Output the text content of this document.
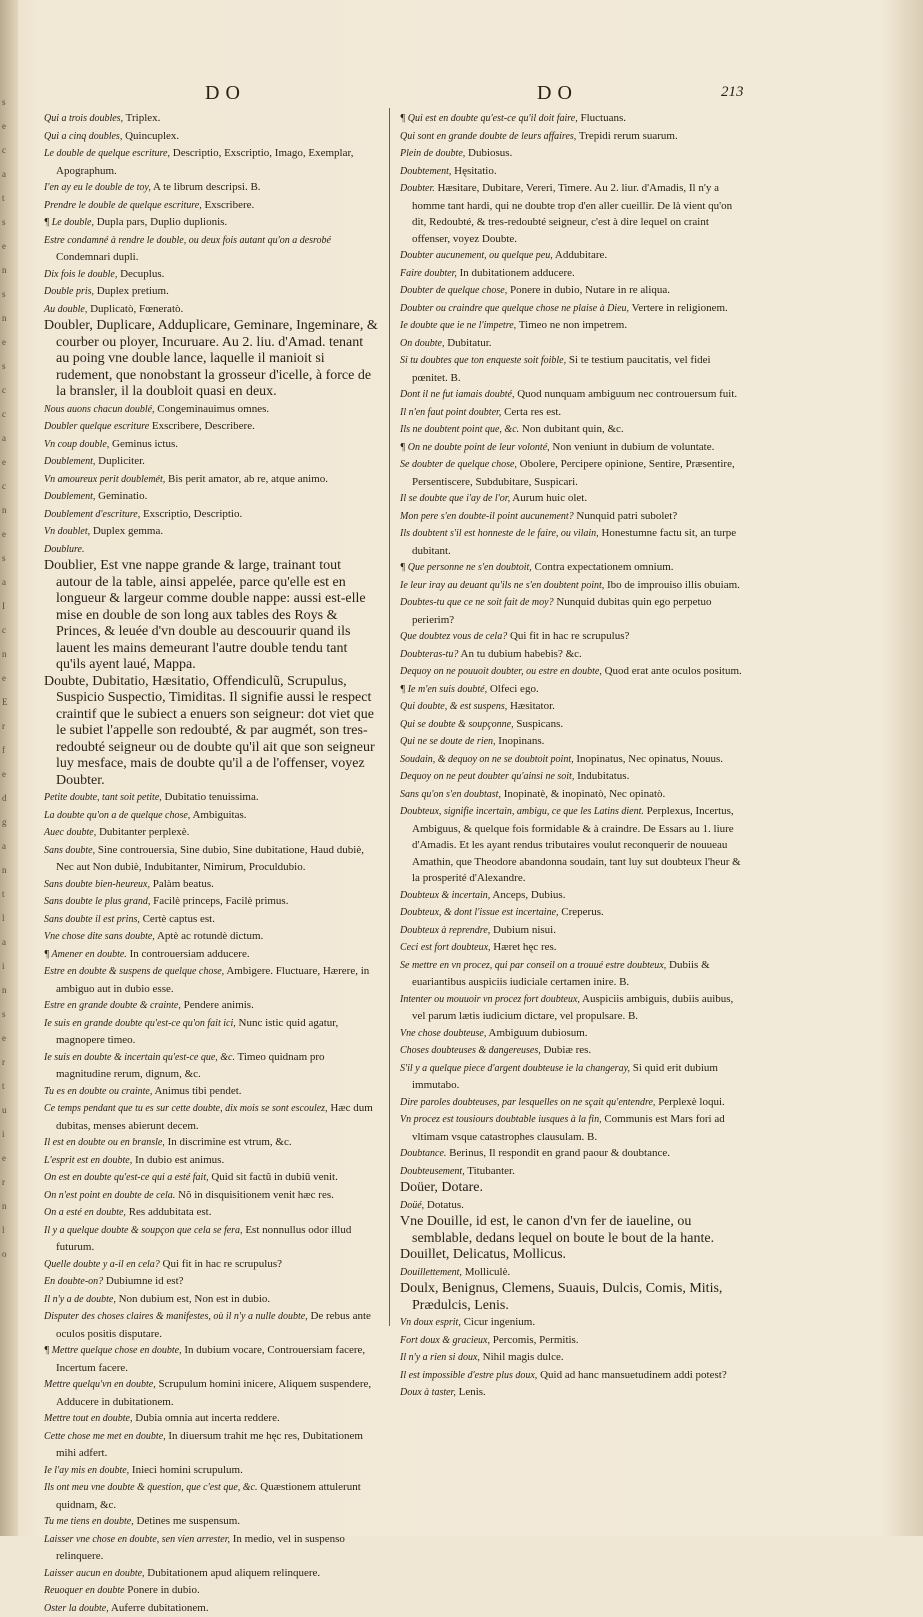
s
e
c
a
t
s
e
n
s
n
e
s
c
c
a
e
c
n
e
s
a
I
c
n
e
E
r
f
e
d
g
a
n
t
l
a
i
n
s
e
r
t
u
i
e
r
n
l
o
DO	DO	213

Qui a trois doubles, Triplex.

Qui a cinq doubles, Quincuplex.

Le double de quelque escriture, Descriptio, Exscriptio, Imago, Exemplar, Apographum.

I'en ay eu le double de toy, A te librum descripsi. B.

Prendre le double de quelque escriture, Exscribere.

¶ Le double, Dupla pars, Duplio duplionis.

Estre condamné à rendre le double, ou deux fois autant qu'on a desrobé Condemnari dupli.

Dix fois le double, Decuplus.

Double pris, Duplex pretium.

Au double, Duplicatò, Fœneratò.

Doubler, Duplicare, Adduplicare, Geminare, Ingeminare, & courber ou ployer, Incuruare. Au 2. liu. d'Amad. tenant au poing vne double lance, laquelle il manioit si rudement, que nonobstant la grosseur d'icelle, à force de la bransler, il la doubloit quasi en deux.

Nous auons chacun doublé, Congeminauimus omnes.

Doubler quelque escriture Exscribere, Describere.

Vn coup double, Geminus ictus.

Doublement, Dupliciter.

Vn amoureux perit doublemét, Bis perit amator, ab re, atque animo.

Doublement, Geminatio.

Doublement d'escriture, Exscriptio, Descriptio.

Vn doublet, Duplex gemma.

Doublure.

Doublier, Est vne nappe grande & large, trainant tout autour de la table, ainsi appelée, parce qu'elle est en longueur & largeur comme double nappe: aussi est-elle mise en double de son long aux tables des Roys & Princes, & leuée d'vn double au descouurir quand ils lauent les mains demeurant l'autre double tendu tant qu'ils ayent laué, Mappa.

Doubte, Dubitatio, Hæsitatio, Offendiculũ, Scrupulus, Suspicio Suspectio, Timiditas. Il signifie aussi le respect craintif que le subiect a enuers son seigneur: dot viet que le subiet l'appelle son redoubté, & par augmét, son tres-redoubté seigneur ou de doubte qu'il ait que son seigneur luy mesface, mais de doubte qu'il a de l'offenser, voyez Doubter.

Petite doubte, tant soit petite, Dubitatio tenuissima.

La doubte qu'on a de quelque chose, Ambiguitas.

Auec doubte, Dubitanter perplexè.

Sans doubte, Sine controuersia, Sine dubio, Sine dubitatione, Haud dubiè, Nec aut Non dubiè, Indubitanter, Nimirum, Proculdubio.

Sans doubte bien-heureux, Palàm beatus.

Sans doubte le plus grand, Facilè princeps, Facilè primus.

Sans doubte il est prins, Certè captus est.

Vne chose dite sans doubte, Aptè ac rotundè dictum.

¶ Amener en doubte. In controuersiam adducere.

Estre en doubte & suspens de quelque chose, Ambigere. Fluctuare, Hærere, in ambiguo aut in dubio esse.

Estre en grande doubte & crainte, Pendere animis.

Ie suis en grande doubte qu'est-ce qu'on fait ici, Nunc istic quid agatur, magnopere timeo.

Ie suis en doubte & incertain qu'est-ce que, &c. Timeo quidnam pro magnitudine rerum, dignum, &c.

Tu es en doubte ou crainte, Animus tibi pendet.

Ce temps pendant que tu es sur cette doubte, dix mois se sont escoulez, Hæc dum dubitas, menses abierunt decem.

Il est en doubte ou en bransle, In discrimine est vtrum, &c.

L'esprit est en doubte, In dubio est animus.

On est en doubte qu'est-ce qui a esté fait, Quid sit factũ in dubiũ venit.

On n'est point en doubte de cela. Nõ in disquisitionem venit hæc res.

On a esté en doubte, Res addubitata est.

Il y a quelque doubte & soupçon que cela se fera, Est nonnullus odor illud futurum.

Quelle doubte y a-il en cela? Qui fit in hac re scrupulus?

En doubte-on? Dubiumne id est?

Il n'y a de doubte, Non dubium est, Non est in dubio.

Disputer des choses claires & manifestes, où il n'y a nulle doubte, De rebus ante oculos positis disputare.

¶ Mettre quelque chose en doubte, In dubium vocare, Controuersiam facere, Incertum facere.

Mettre quelqu'vn en doubte, Scrupulum homini inicere, Aliquem suspendere, Adducere in dubitationem.

Mettre tout en doubte, Dubia omnia aut incerta reddere.

Cette chose me met en doubte, In diuersum trahit me hęc res, Dubitationem mihi adfert.

Ie l'ay mis en doubte, Inieci homini scrupulum.

Ils ont meu vne doubte & question, que c'est que, &c. Quæstionem attulerunt quidnam, &c.

Tu me tiens en doubte, Detines me suspensum.

Laisser vne chose en doubte, sen vien arrester, In medio, vel in suspenso relinquere.

Laisser aucun en doubte, Dubitationem apud aliquem relinquere.

Reuoquer en doubte Ponere in dubio.

Oster la doubte, Auferre dubitationem.

¶ Qui est en doubte qu'est-ce qu'il doit faire, Fluctuans.

Qui sont en grande doubte de leurs affaires, Trepidi rerum suarum.

Plein de doubte, Dubiosus.

Doubtement, Hęsitatio.

Doubter. Hæsitare, Dubitare, Vereri, Timere. Au 2. liur. d'Amadis, Il n'y a homme tant hardi, qui ne doubte trop d'en aller cueillir. De là vient qu'on dit, Redoubté, & tres-redoubté seigneur, c'est à dire lequel on craint offenser, voyez Doubte.

Doubter aucunement, ou quelque peu, Addubitare.

Faire doubter, In dubitationem adducere.

Doubter de quelque chose, Ponere in dubio, Nutare in re aliqua.

Doubter ou craindre que quelque chose ne plaise à Dieu, Vertere in religionem.

Ie doubte que ie ne l'impetre, Timeo ne non impetrem.

On doubte, Dubitatur.

Si tu doubtes que ton enqueste soit foible, Si te testium paucitatis, vel fidei pœnitet. B.

Dont il ne fut iamais doubté, Quod nunquam ambiguum nec controuersum fuit.

Il n'en faut point doubter, Certa res est.

Ils ne doubtent point que, &c. Non dubitant quin, &c.

¶ On ne doubte point de leur volonté, Non veniunt in dubium de voluntate.

Se doubter de quelque chose, Obolere, Percipere opinione, Sentire, Præsentire, Persentiscere, Subdubitare, Suspicari.

Il se doubte que i'ay de l'or, Aurum huic olet.

Mon pere s'en doubte-il point aucunement? Nunquid patri subolet?

Ils doubtent s'il est honneste de le faire, ou vilain, Honestumne factu sit, an turpe dubitant.

¶ Que personne ne s'en doubtoit, Contra expectationem omnium.

Ie leur iray au deuant qu'ils ne s'en doubtent point, Ibo de improuiso illis obuiam.

Doubtes-tu que ce ne soit fait de moy? Nunquid dubitas quin ego perpetuo perierim?

Que doubtez vous de cela? Qui fit in hac re scrupulus?

Doubteras-tu? An tu dubium habebis? &c.

Dequoy on ne pouuoit doubter, ou estre en doubte, Quod erat ante oculos positum.

¶ Ie m'en suis doubté, Olfeci ego.

Qui doubte, & est suspens, Hæsitator.

Qui se doubte & soupçonne, Suspicans.

Qui ne se doute de rien, Inopinans.

Soudain, & dequoy on ne se doubtoit point, Inopinatus, Nec opinatus, Nouus.

Dequoy on ne peut doubter qu'ainsi ne soit, Indubitatus.

Sans qu'on s'en doubtast, Inopinatè, & inopinatò, Nec opinatò.

Doubteux, signifie incertain, ambigu, ce que les Latins dient. Perplexus, Incertus, Ambiguus, & quelque fois formidable & à craindre. De Essars au 1. liure d'Amadis. Et les ayant rendus tributaires voulut reconquerir de nouueau Amathin, que Theodore abandonna soudain, tant luy sut doubteux l'heur & la prosperité d'Alexandre.

Doubteux & incertain, Anceps, Dubius.

Doubteux, & dont l'issue est incertaine, Creperus.

Doubteux à reprendre, Dubium nisui.

Ceci est fort doubteux, Hæret hęc res.

Se mettre en vn procez, qui par conseil on a trouué estre doubteux, Dubiis & euariantibus auspiciis iudiciale certamen inire. B.

Intenter ou mouuoir vn procez fort doubteux, Auspiciis ambiguis, dubiis auibus, vel parum lætis iudicium dictare, vel propulsare. B.

Vne chose doubteuse, Ambiguum dubiosum.

Choses doubteuses & dangereuses, Dubiæ res.

S'il y a quelque piece d'argent doubteuse ie la changeray, Si quid erit dubium immutabo.

Dire paroles doubteuses, par lesquelles on ne sçait qu'entendre, Perplexè loqui.

Vn procez est tousiours doubtable iusques à la fin, Communis est Mars fori ad vltimam vsque catastrophes clausulam. B.

Doubtance. Berinus, Il respondit en grand paour & doubtance.

Doubteusement, Titubanter.

Doüer, Dotare.

Doüé, Dotatus.

Vne Douille, id est, le canon d'vn fer de iaueline, ou semblable, dedans lequel on boute le bout de la hante.

Douillet, Delicatus, Mollicus.

Douillettement, Molliculè.

Doulx, Benignus, Clemens, Suauis, Dulcis, Comis, Mitis, Prædulcis, Lenis.

Vn doux esprit, Cicur ingenium.

Fort doux & gracieux, Percomis, Permitis.

Il n'y a rien si doux, Nihil magis dulce.

Il est impossible d'estre plus doux, Quid ad hanc mansuetudinem addi potest?

Doux à taster, Lenis.
